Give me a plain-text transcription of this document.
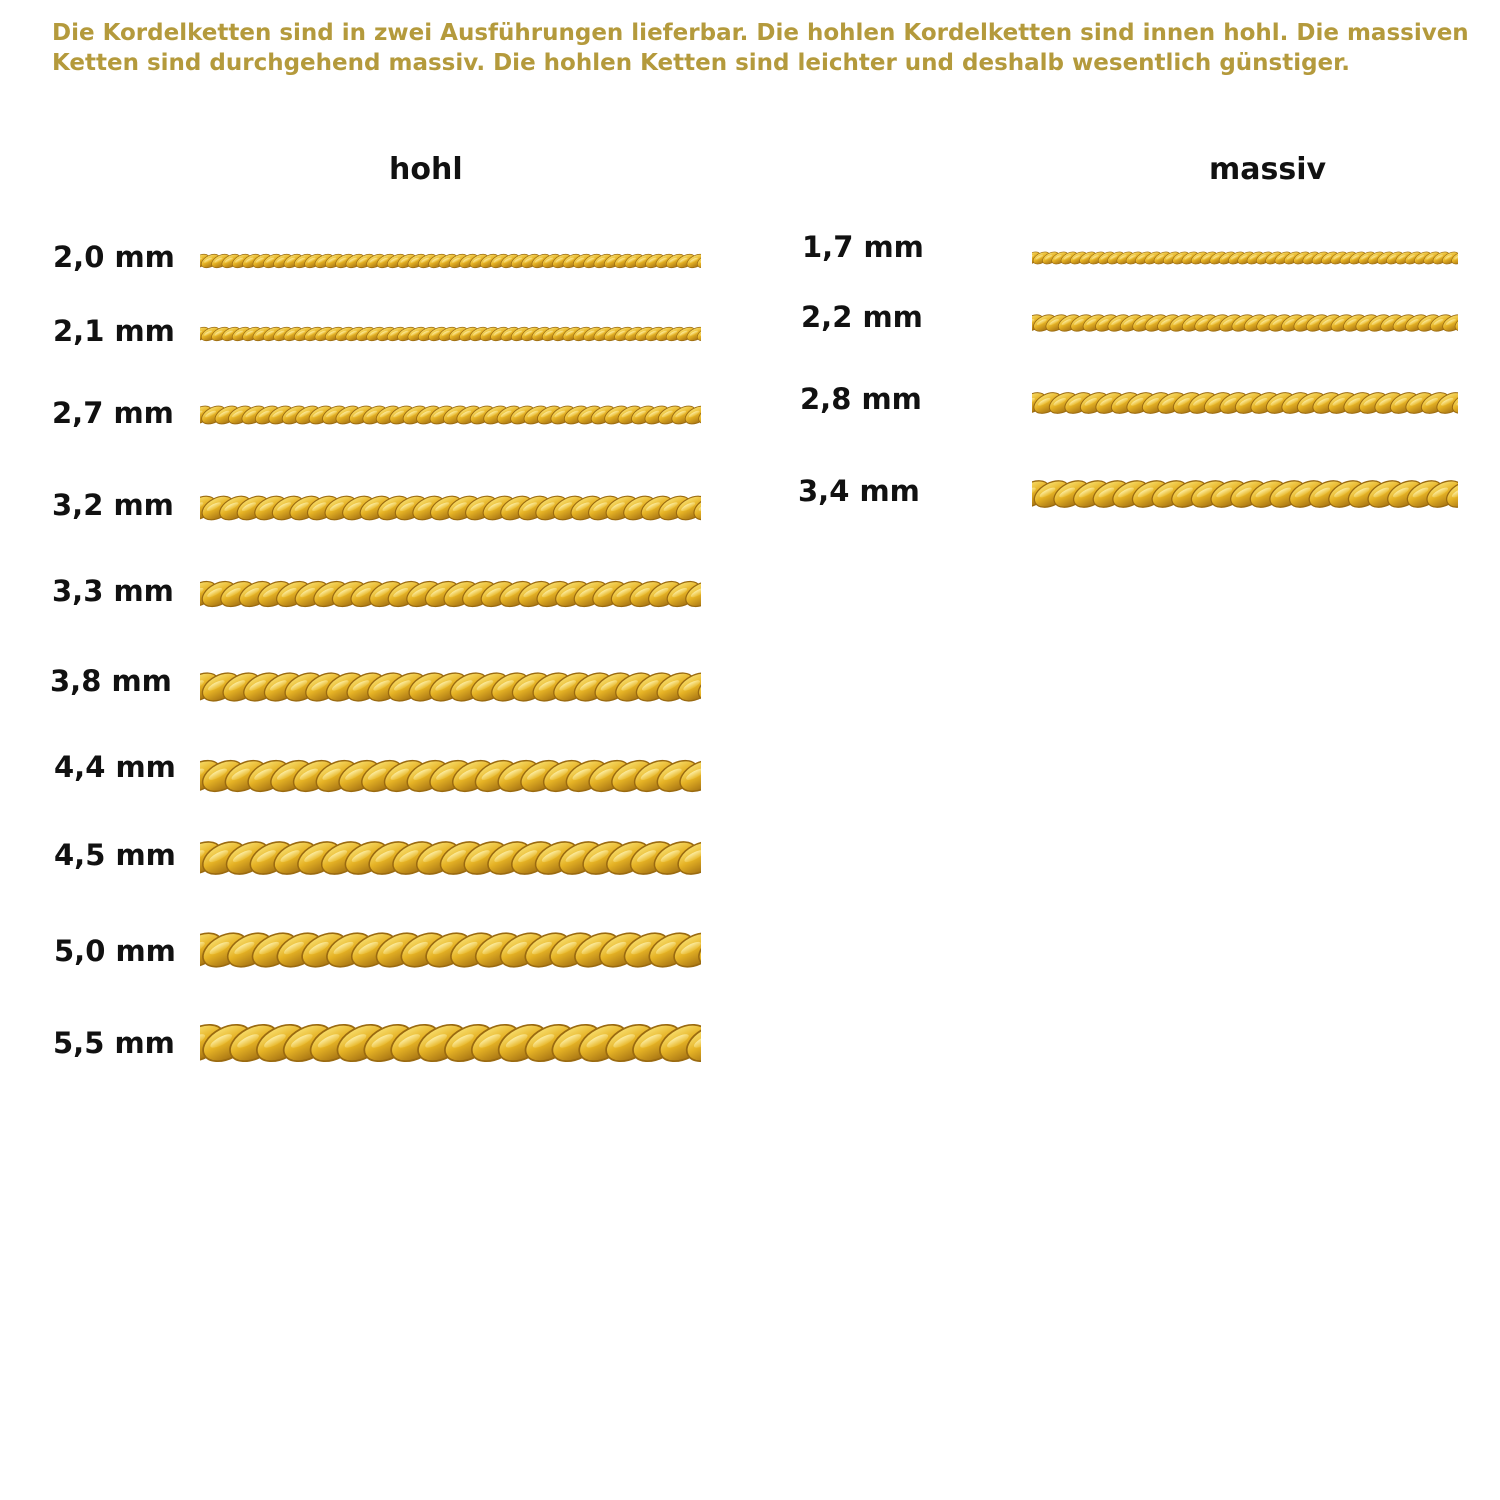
Die Kordelketten sind in zwei Ausführungen lieferbar. Die hohlen Kordelketten sind innen hohl. Die massiven
Ketten sind durchgehend massiv. Die hohlen Ketten sind leichter und deshalb wesentlich günstiger.

hohl	massiv
2,0 mm
2,1 mm
2,7 mm
3,2 mm
3,3 mm
3,8 mm
4,4 mm
4,5 mm
5,0 mm
5,5 mm
1,7 mm
2,2 mm
2,8 mm
3,4 mm
